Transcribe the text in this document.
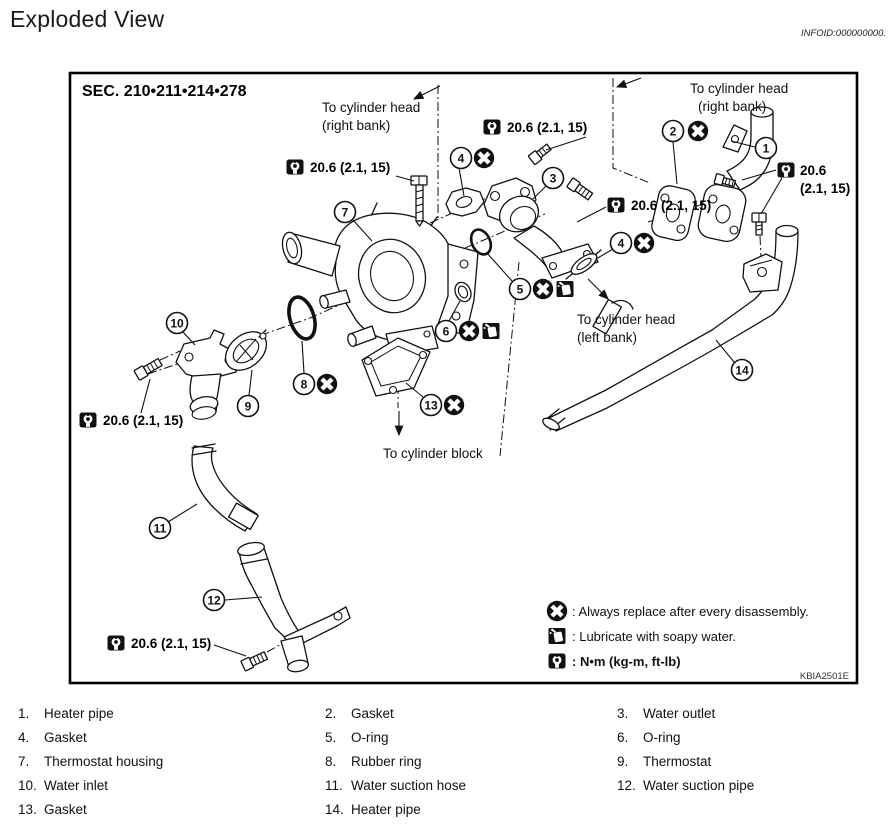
Exploded View
INFOID:000000000.
SEC. 210•211•214•278
To cylinder head
(right bank)
To cylinder head
(right bank)
To cylinder head
(left bank)
To cylinder block
20.6 (2.1, 15)
20.6 (2.1, 15)
20.6 (2.1, 15)
20.6
(2.1, 15)
20.6 (2.1, 15)
20.6 (2.1, 15)
7
10
9
8
13
6
5
4
3
4
2
1
14
11
12
: Always replace after every disassembly.
: Lubricate with soapy water.
: N•m (kg-m, ft-lb)
KBIA2501E
1.	Heater pipe	2.	Gasket	3.	Water outlet
4.	Gasket	5.	O-ring	6.	O-ring
7.	Thermostat housing	8.	Rubber ring	9.	Thermostat
10. Water inlet	11. Water suction hose	12. Water suction pipe
13. Gasket	14. Heater pipe
